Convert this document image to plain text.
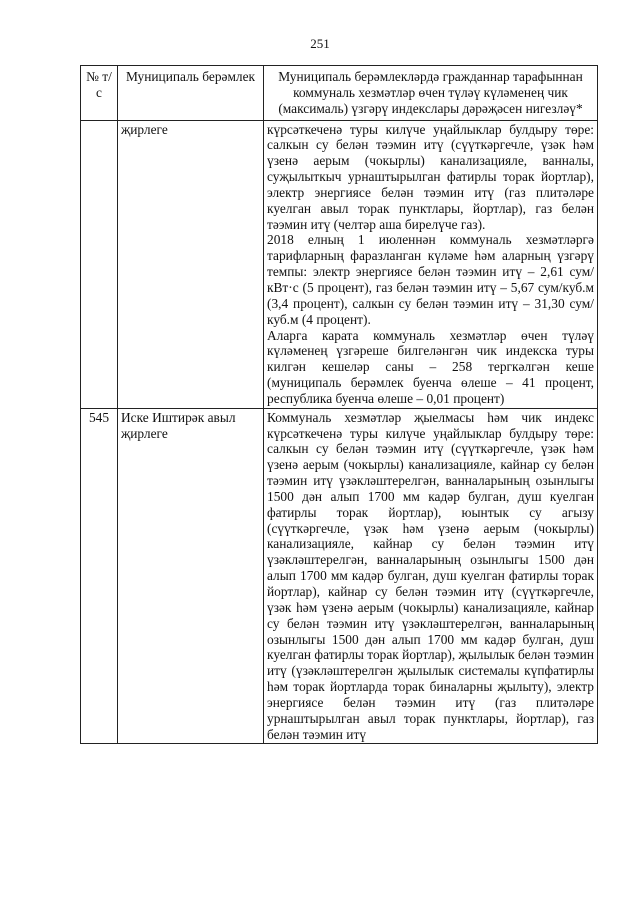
251
№ т/с	Муниципаль берәмлек	Муниципаль берәмлекләрдә гражданнар тарафыннан коммуналь хезмәтләр өчен түләү күләменең чик (максималь) үзгәрү индекслары дәрәҗәсен нигезләү*
	җирлеге	күрсәткеченә туры килүче уңайлыклар булдыру төре: салкын су белән тәэмин итү (сүүткәргечле, үзәк һәм үзенә аерым (чокырлы) канализацияле, ванналы, суҗылыткыч урнаштырылган фатирлы торак йортлар), электр энергиясе белән тәэмин итү (газ плитәләре куелган авыл торак пунктлары, йортлар), газ белән тәэмин итү (челтәр аша бирелүче газ).

2018 елның 1 июленнән коммуналь хезмәтләргә тарифларның фаразланган күләме һәм аларның үзгәрү темпы: электр энергиясе белән тәэмин итү – 2,61 сум/кВт·с (5 процент), газ белән тәэмин итү – 5,67 сум/куб.м (3,4 процент), салкын су белән тәэмин итү – 31,30 сум/куб.м (4 процент).

Аларга карата коммуналь хезмәтләр өчен түләү күләменең үзгәреше билгеләнгән чик индекска туры килгән кешеләр саны – 258 тергкәлгән кеше (муниципаль берәмлек буенча өлеше – 41 процент, республика буенча өлеше – 0,01 процент)

545	Иске Иштирәк авыл җирлеге	Коммуналь хезмәтләр җыелмасы һәм чик индекс күрсәткеченә туры килүче уңайлыклар булдыру төре: салкын су белән тәэмин итү (сүүткәргечле, үзәк һәм үзенә аерым (чокырлы) канализацияле, кайнар су белән тәэмин итү үзәкләштерелгән, ванналарының озынлыгы 1500 дән алып 1700 мм кадәр булган, душ куелган фатирлы торак йортлар), юынтык су агызу (сүүткәргечле, үзәк һәм үзенә аерым (чокырлы) канализацияле, кайнар су белән тәэмин итү үзәкләштерелгән, ванналарының озынлыгы 1500 дән алып 1700 мм кадәр булган, душ куелган фатирлы торак йортлар), кайнар су белән тәэмин итү (сүүткәргечле, үзәк һәм үзенә аерым (чокырлы) канализацияле, кайнар су белән тәэмин итү үзәкләштерелгән, ванналарының озынлыгы 1500 дән алып 1700 мм кадәр булган, душ куелган фатирлы торак йортлар), җылылык белән тәэмин итү (үзәкләштерелгән җылылык системалы күпфатирлы һәм торак йортларда торак биналарны җылыту), электр энергиясе белән тәэмин итү (газ плитәләре урнаштырылган авыл торак пунктлары, йортлар), газ белән тәэмин итү
